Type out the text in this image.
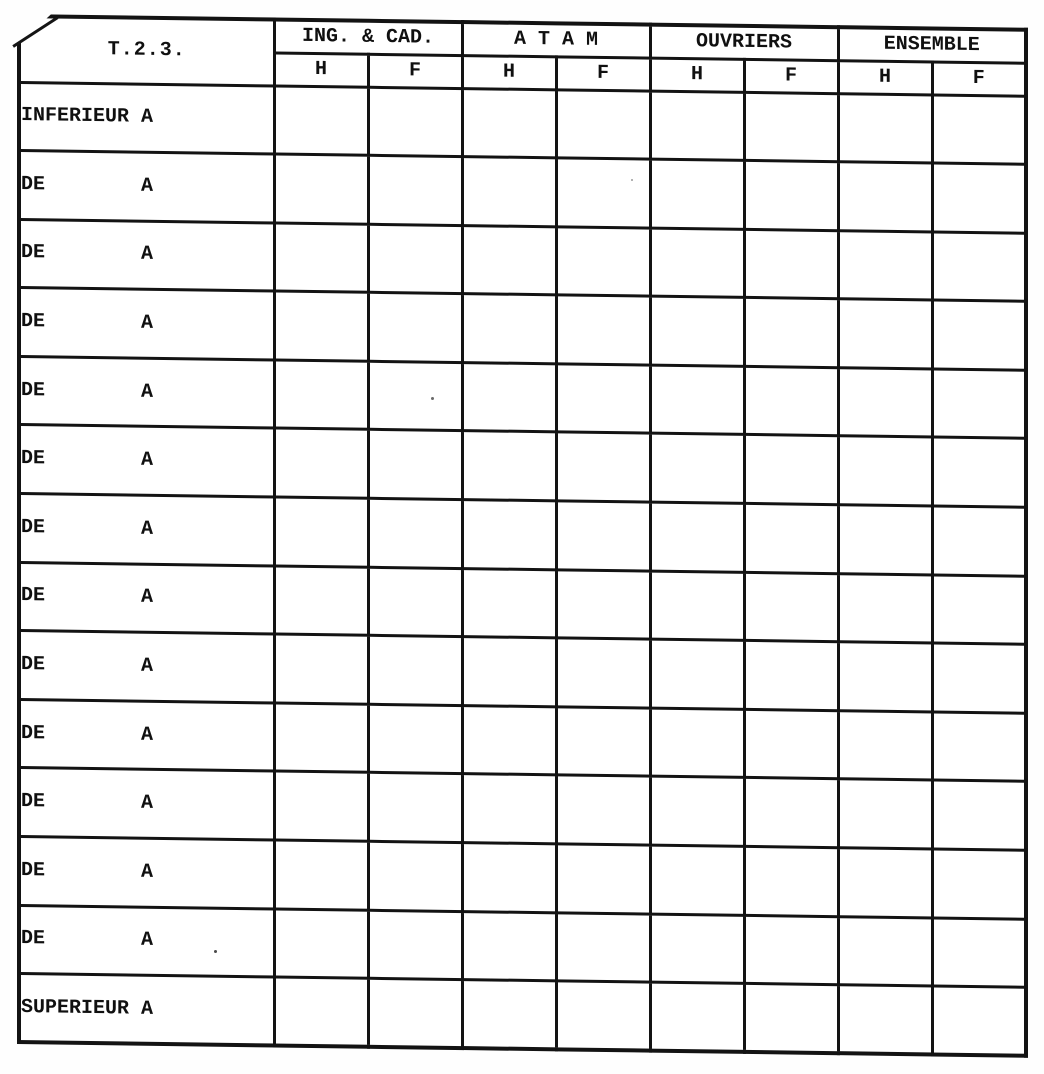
T.2.3.	ING. & CAD.		A T A M		OUVRIERS		ENSEMBLE	
	H	F	H	F	H	F	H	F
INFERIEUR A								
DE        A								
DE        A								
DE        A								
DE        A								
DE        A								
DE        A								
DE        A								
DE        A								
DE        A								
DE        A								
DE        A								
DE        A								
SUPERIEUR A								
